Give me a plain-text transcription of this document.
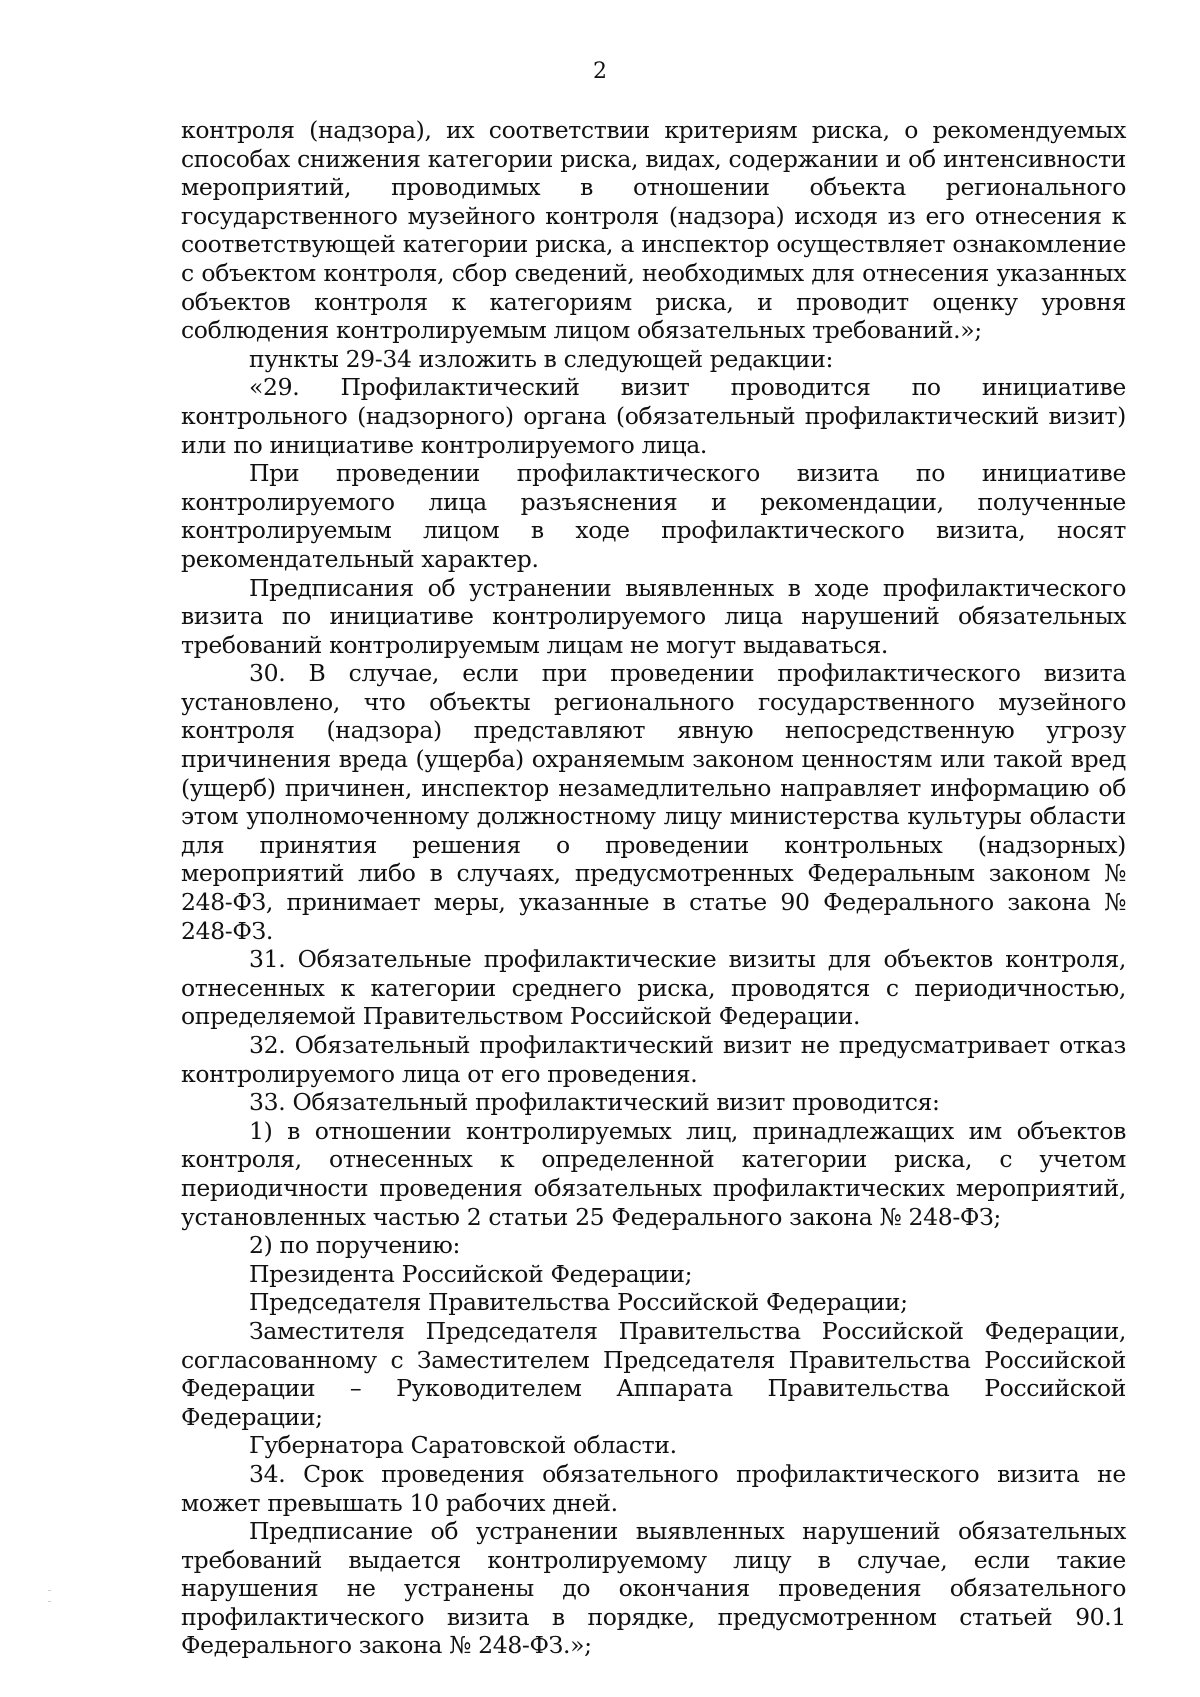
2

контроля (надзора), их соответствии критериям риска, о рекомендуемых способах снижения категории риска, видах, содержании и об интенсивности мероприятий, проводимых в отношении объекта регионального государственного музейного контроля (надзора) исходя из его отнесения к соответствующей категории риска, а инспектор осуществляет ознакомление с объектом контроля, сбор сведений, необходимых для отнесения указанных объектов контроля к категориям риска, и проводит оценку уровня соблюдения контролируемым лицом обязательных требований.»;

пункты 29-34 изложить в следующей редакции:

«29. Профилактический визит проводится по инициативе контрольного (надзорного) органа (обязательный профилактический визит) или по инициативе контролируемого лица.

При проведении профилактического визита по инициативе контролируемого лица разъяснения и рекомендации, полученные контролируемым лицом в ходе профилактического визита, носят рекомендательный характер.

Предписания об устранении выявленных в ходе профилактического визита по инициативе контролируемого лица нарушений обязательных требований контролируемым лицам не могут выдаваться.

30. В случае, если при проведении профилактического визита установлено, что объекты регионального государственного музейного контроля (надзора) представляют явную непосредственную угрозу причинения вреда (ущерба) охраняемым законом ценностям или такой вред (ущерб) причинен, инспектор незамедлительно направляет информацию об этом уполномоченному должностному лицу министерства культуры области для принятия решения о проведении контрольных (надзорных) мероприятий либо в случаях, предусмотренных Федеральным законом № 248-ФЗ, принимает меры, указанные в статье 90 Федерального закона № 248-ФЗ.

31. Обязательные профилактические визиты для объектов контроля, отнесенных к категории среднего риска, проводятся с периодичностью, определяемой Правительством Российской Федерации.

32. Обязательный профилактический визит не предусматривает отказ контролируемого лица от его проведения.

33. Обязательный профилактический визит проводится:

1) в отношении контролируемых лиц, принадлежащих им объектов контроля, отнесенных к определенной категории риска, с учетом периодичности проведения обязательных профилактических мероприятий, установленных частью 2 статьи 25 Федерального закона № 248-ФЗ;

2) по поручению:

Президента Российской Федерации;

Председателя Правительства Российской Федерации;

Заместителя Председателя Правительства Российской Федерации, согласованному с Заместителем Председателя Правительства Российской Федерации – Руководителем Аппарата Правительства Российской Федерации;

Губернатора Саратовской области.

34. Срок проведения обязательного профилактического визита не может превышать 10 рабочих дней.

Предписание об устранении выявленных нарушений обязательных требований выдается контролируемому лицу в случае, если такие нарушения не устранены до окончания проведения обязательного профилактического визита в порядке, предусмотренном статьей 90.1 Федерального закона № 248-ФЗ.»;
